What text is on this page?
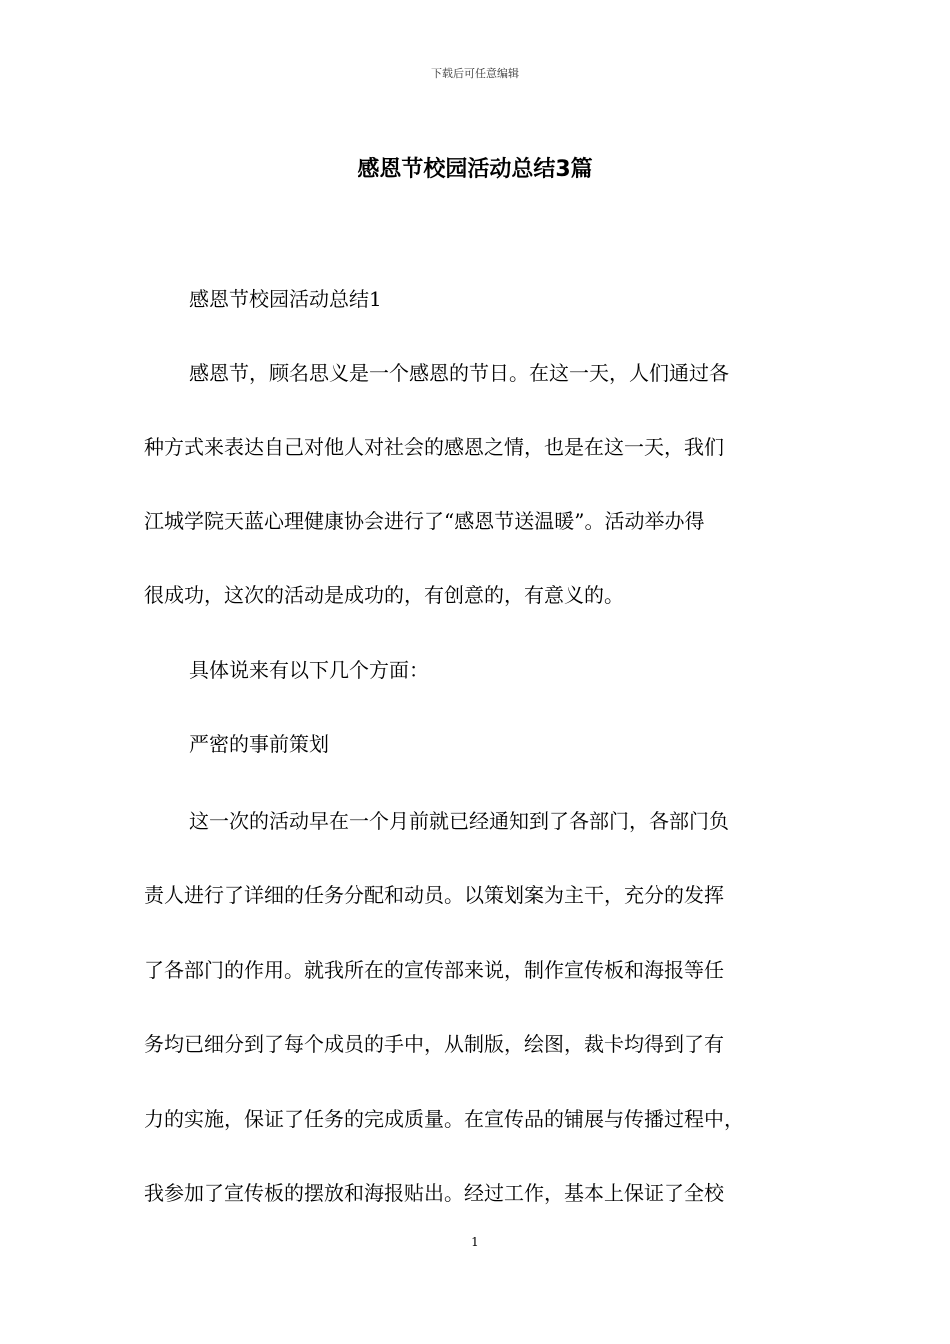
下载后可任意编辑
感恩节校园活动总结3篇
感恩节校园活动总结1
感恩节，顾名思义是一个感恩的节日。在这一天，人们通过各
种方式来表达自己对他人对社会的感恩之情，也是在这一天，我们
江城学院天蓝心理健康协会进行了“感恩节送温暖”。活动举办得
很成功，这次的活动是成功的，有创意的，有意义的。
具体说来有以下几个方面：
严密的事前策划
这一次的活动早在一个月前就已经通知到了各部门，各部门负
责人进行了详细的任务分配和动员。以策划案为主干，充分的发挥
了各部门的作用。就我所在的宣传部来说，制作宣传板和海报等任
务均已细分到了每个成员的手中，从制版，绘图，裁卡均得到了有
力的实施，保证了任务的完成质量。在宣传品的铺展与传播过程中，
我参加了宣传板的摆放和海报贴出。经过工作，基本上保证了全校
1
